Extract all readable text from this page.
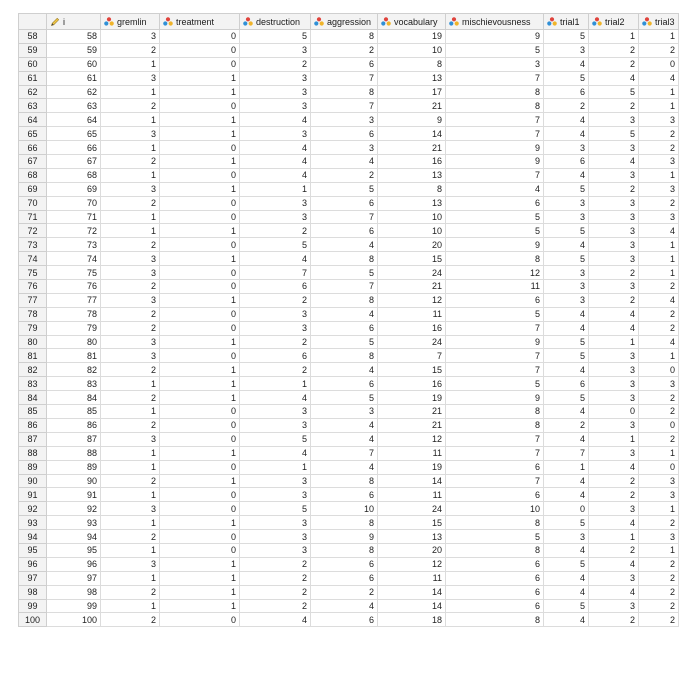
	i	gremlin	treatment	destruction	aggression	vocabulary	mischievousness	trial1	trial2	trial3

58	58	3	0	5	8	19	9	5	1	1
59	59	2	0	3	2	10	5	3	2	2
60	60	1	0	2	6	8	3	4	2	0
61	61	3	1	3	7	13	7	5	4	4
62	62	1	1	3	8	17	8	6	5	1
63	63	2	0	3	7	21	8	2	2	1
64	64	1	1	4	3	9	7	4	3	3
65	65	3	1	3	6	14	7	4	5	2
66	66	1	0	4	3	21	9	3	3	2
67	67	2	1	4	4	16	9	6	4	3
68	68	1	0	4	2	13	7	4	3	1
69	69	3	1	1	5	8	4	5	2	3
70	70	2	0	3	6	13	6	3	3	2
71	71	1	0	3	7	10	5	3	3	3
72	72	1	1	2	6	10	5	5	3	4
73	73	2	0	5	4	20	9	4	3	1
74	74	3	1	4	8	15	8	5	3	1
75	75	3	0	7	5	24	12	3	2	1
76	76	2	0	6	7	21	11	3	3	2
77	77	3	1	2	8	12	6	3	2	4
78	78	2	0	3	4	11	5	4	4	2
79	79	2	0	3	6	16	7	4	4	2
80	80	3	1	2	5	24	9	5	1	4
81	81	3	0	6	8	7	7	5	3	1
82	82	2	1	2	4	15	7	4	3	0
83	83	1	1	1	6	16	5	6	3	3
84	84	2	1	4	5	19	9	5	3	2
85	85	1	0	3	3	21	8	4	0	2
86	86	2	0	3	4	21	8	2	3	0
87	87	3	0	5	4	12	7	4	1	2
88	88	1	1	4	7	11	7	7	3	1
89	89	1	0	1	4	19	6	1	4	0
90	90	2	1	3	8	14	7	4	2	3
91	91	1	0	3	6	11	6	4	2	3
92	92	3	0	5	10	24	10	0	3	1
93	93	1	1	3	8	15	8	5	4	2
94	94	2	0	3	9	13	5	3	1	3
95	95	1	0	3	8	20	8	4	2	1
96	96	3	1	2	6	12	6	5	4	2
97	97	1	1	2	6	11	6	4	3	2
98	98	2	1	2	2	14	6	4	4	2
99	99	1	1	2	4	14	6	5	3	2
100	100	2	0	4	6	18	8	4	2	2
